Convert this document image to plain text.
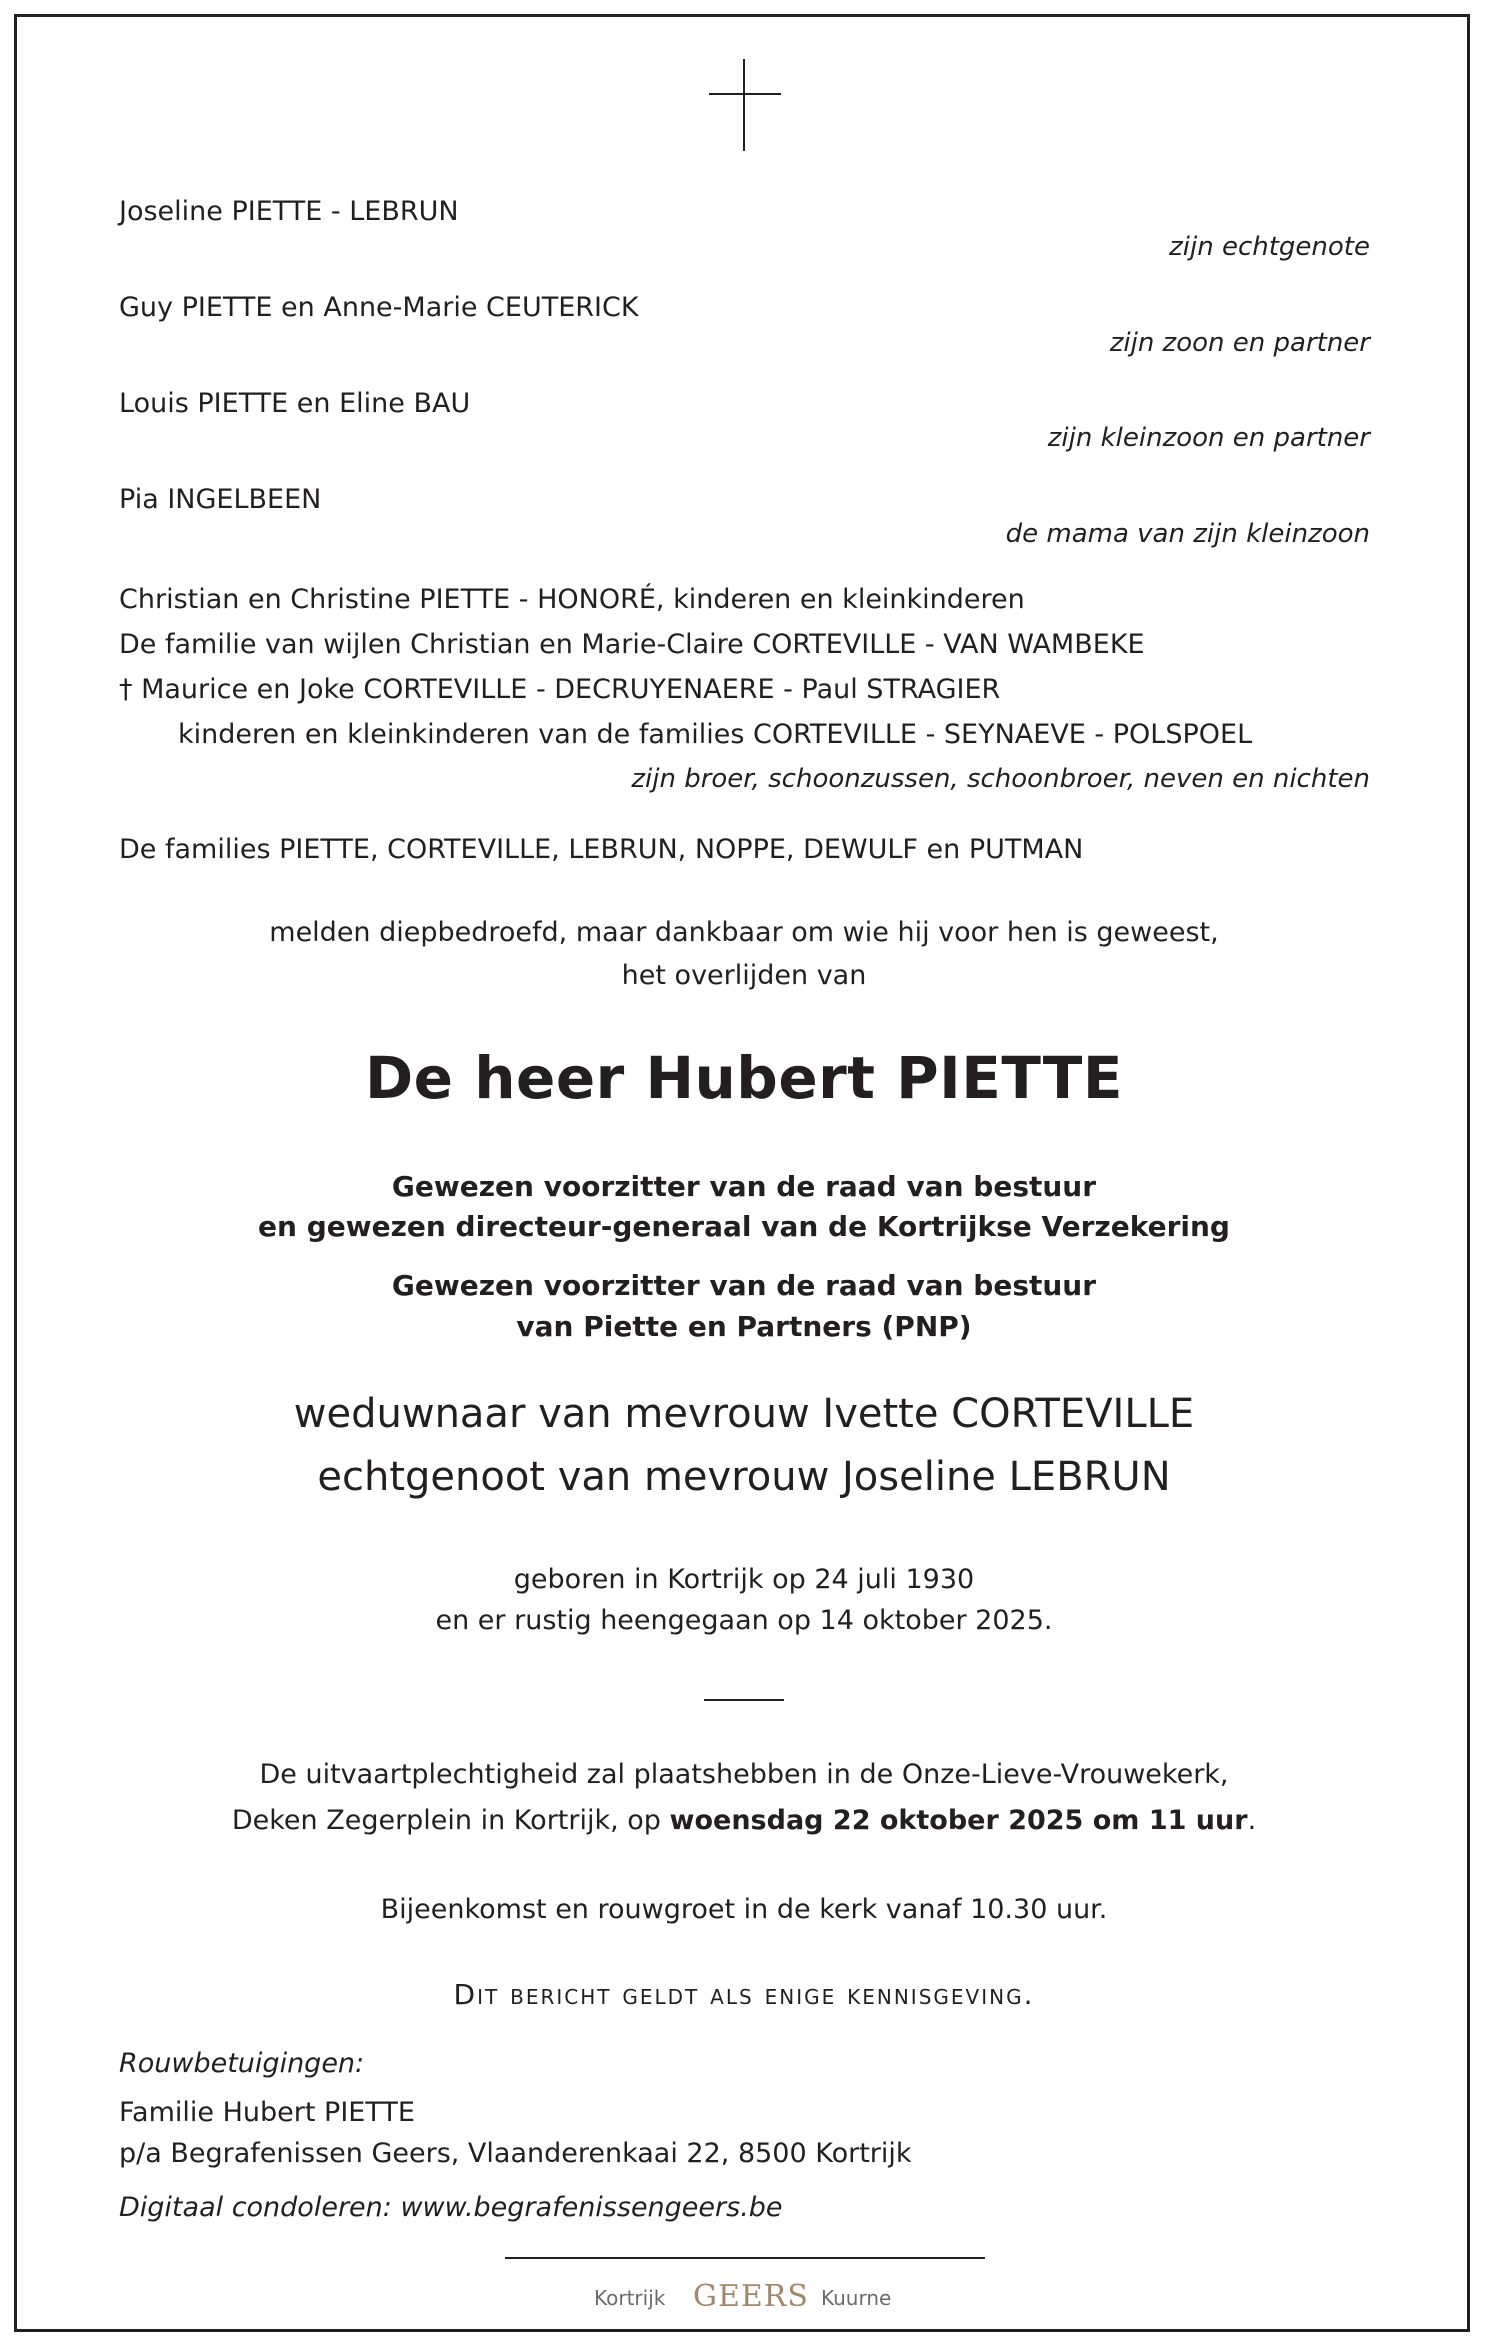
Joseline PIETTE - LEBRUN
zijn echtgenote
Guy PIETTE en Anne-Marie CEUTERICK
zijn zoon en partner
Louis PIETTE en Eline BAU
zijn kleinzoon en partner
Pia INGELBEEN
de mama van zijn kleinzoon
Christian en Christine PIETTE - HONORÉ, kinderen en kleinkinderen
De familie van wijlen Christian en Marie-Claire CORTEVILLE - VAN WAMBEKE
† Maurice en Joke CORTEVILLE - DECRUYENAERE - Paul STRAGIER
kinderen en kleinkinderen van de families CORTEVILLE - SEYNAEVE - POLSPOEL
zijn broer, schoonzussen, schoonbroer, neven en nichten
De families PIETTE, CORTEVILLE, LEBRUN, NOPPE, DEWULF en PUTMAN
melden diepbedroefd, maar dankbaar om wie hij voor hen is geweest,
het overlijden van
De heer Hubert PIETTE
Gewezen voorzitter van de raad van bestuur
en gewezen directeur-generaal van de Kortrijkse Verzekering
Gewezen voorzitter van de raad van bestuur
van Piette en Partners (PNP)
weduwnaar van mevrouw Ivette CORTEVILLE
echtgenoot van mevrouw Joseline LEBRUN
geboren in Kortrijk op 24 juli 1930
en er rustig heengegaan op 14 oktober 2025.
De uitvaartplechtigheid zal plaatshebben in de Onze-Lieve-Vrouwekerk,
Deken Zegerplein in Kortrijk, op woensdag 22 oktober 2025 om 11 uur.
Bijeenkomst en rouwgroet in de kerk vanaf 10.30 uur.
Dit bericht geldt als enige kennisgeving.
Rouwbetuigingen:
Familie Hubert PIETTE
p/a Begrafenissen Geers, Vlaanderenkaai 22, 8500 Kortrijk
Digitaal condoleren: www.begrafenissengeers.be
Kortrijk GEERS Kuurne
